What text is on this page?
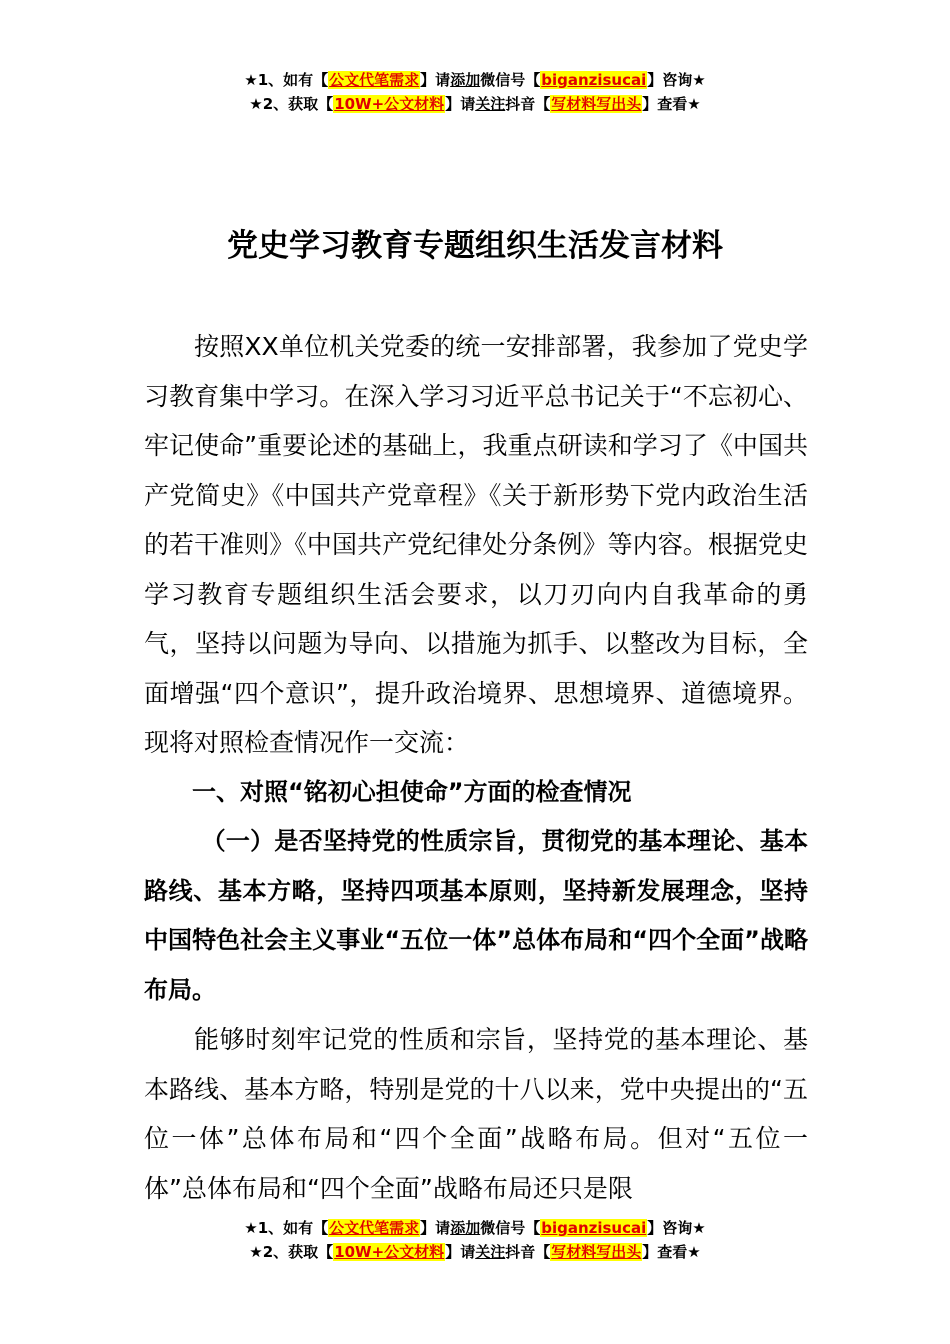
★1、如有【公文代笔需求】请添加微信号【biganzisucai】咨询★
★2、获取【10W+公文材料】请关注抖音【写材料写出头】查看★
党史学习教育专题组织生活发言材料

按照XX单位机关党委的统一安排部署，我参加了党史学习教育集中学习。在深入学习习近平总书记关于“不忘初心、牢记使命”重要论述的基础上，我重点研读和学习了《中国共产党简史》《中国共产党章程》《关于新形势下党内政治生活的若干准则》《中国共产党纪律处分条例》等内容。根据党史学习教育专题组织生活会要求，以刀刃向内自我革命的勇气，坚持以问题为导向、以措施为抓手、以整改为目标，全面增强“四个意识”，提升政治境界、思想境界、道德境界。现将对照检查情况作一交流：

一、对照“铭初心担使命”方面的检查情况

（一）是否坚持党的性质宗旨，贯彻党的基本理论、基本路线、基本方略，坚持四项基本原则，坚持新发展理念，坚持中国特色社会主义事业“五位一体”总体布局和“四个全面”战略布局。

能够时刻牢记党的性质和宗旨，坚持党的基本理论、基本路线、基本方略，特别是党的十八以来，党中央提出的“五位一体”总体布局和“四个全面”战略布局。但对“五位一体”总体布局和“四个全面”战略布局还只是限

★1、如有【公文代笔需求】请添加微信号【biganzisucai】咨询★
★2、获取【10W+公文材料】请关注抖音【写材料写出头】查看★
